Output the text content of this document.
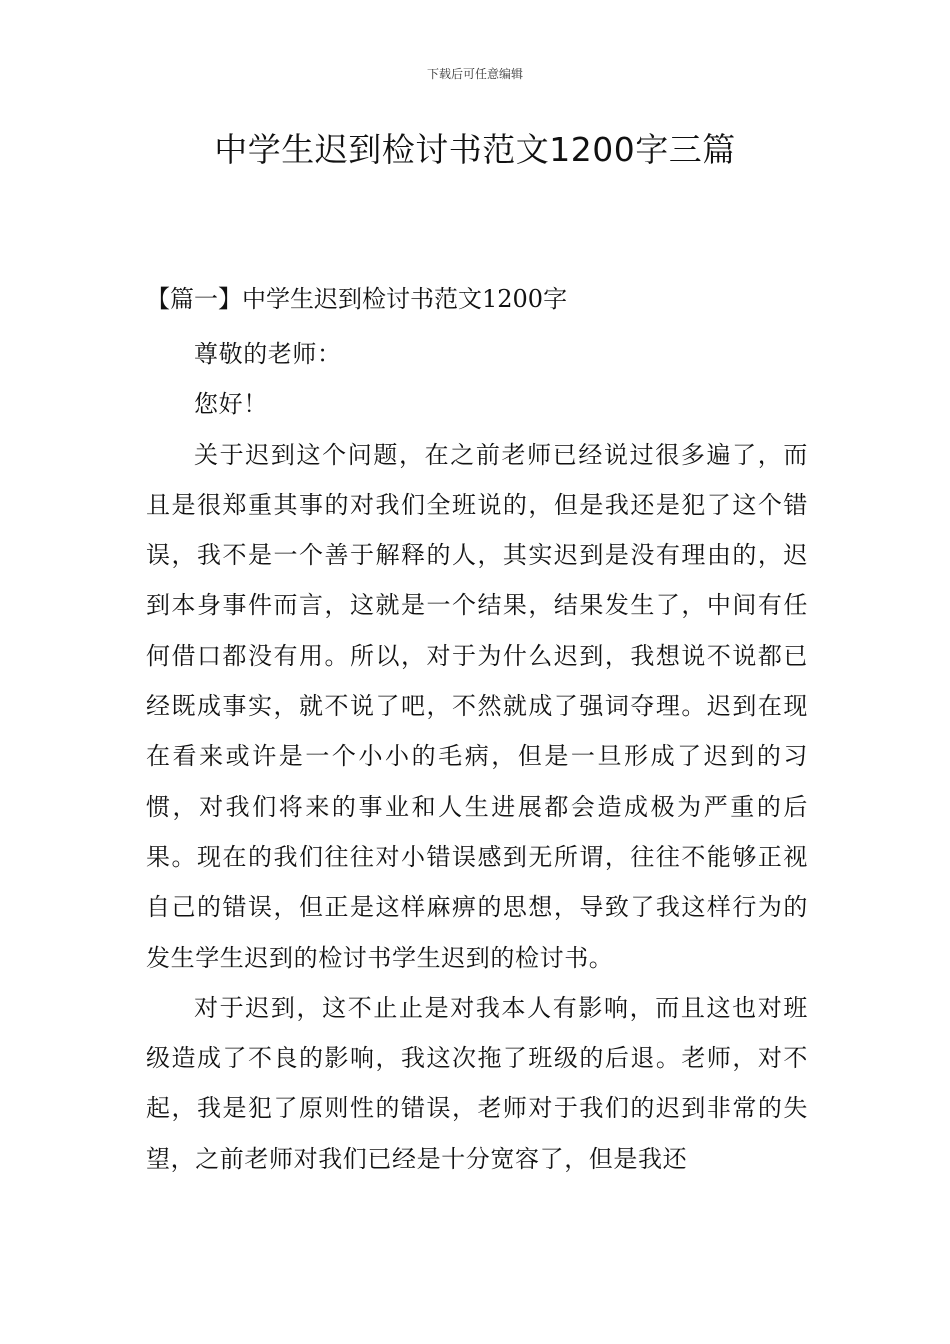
下载后可任意编辑
中学生迟到检讨书范文1200字三篇
【篇一】中学生迟到检讨书范文1200字

尊敬的老师：

您好！

关于迟到这个问题，在之前老师已经说过很多遍了，而且是很郑重其事的对我们全班说的，但是我还是犯了这个错误，我不是一个善于解释的人，其实迟到是没有理由的，迟到本身事件而言，这就是一个结果，结果发生了，中间有任何借口都没有用。所以，对于为什么迟到，我想说不说都已经既成事实，就不说了吧，不然就成了强词夺理。迟到在现在看来或许是一个小小的毛病，但是一旦形成了迟到的习惯，对我们将来的事业和人生进展都会造成极为严重的后果。现在的我们往往对小错误感到无所谓，往往不能够正视自己的错误，但正是这样麻痹的思想，导致了我这样行为的发生学生迟到的检讨书学生迟到的检讨书。

对于迟到，这不止止是对我本人有影响，而且这也对班级造成了不良的影响，我这次拖了班级的后退。老师，对不起，我是犯了原则性的错误，老师对于我们的迟到非常的失望，之前老师对我们已经是十分宽容了，但是我还
